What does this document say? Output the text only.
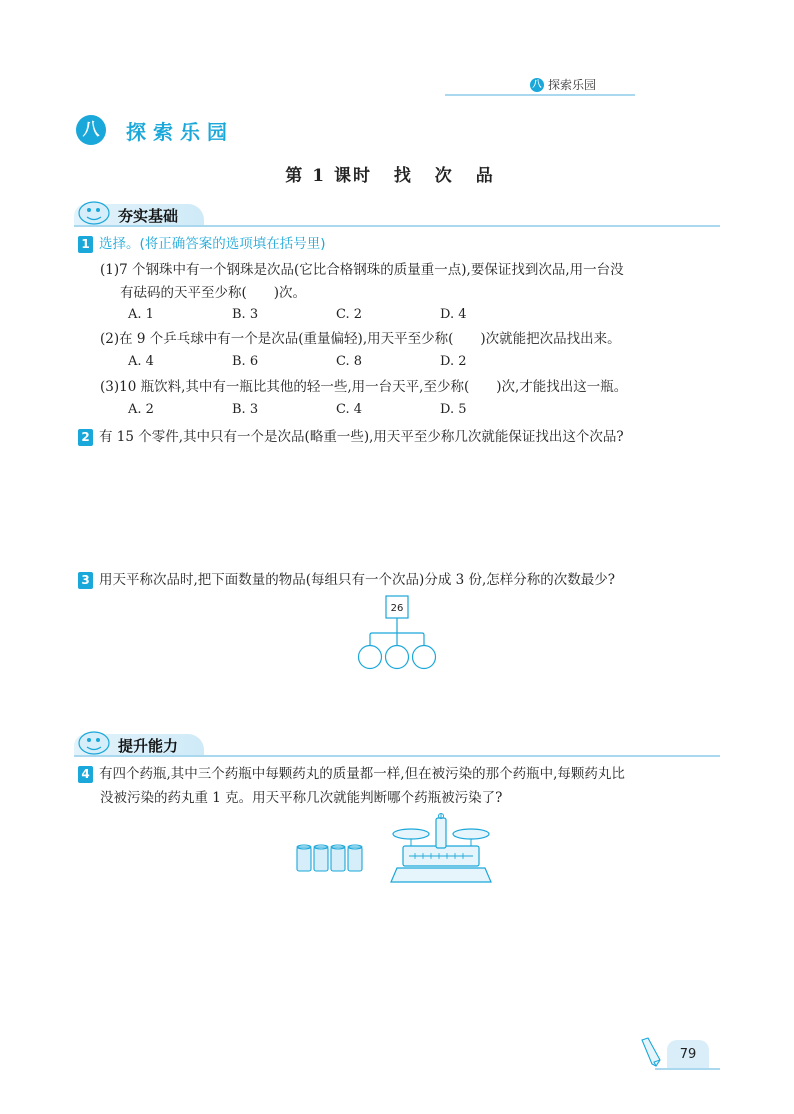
八 探索乐园
八	探索乐园
第 1 课时 找 次 品
夯实基础
1 选择。(将正确答案的选项填在括号里)
(1)7 个钢珠中有一个钢珠是次品(它比合格钢珠的质量重一点),要保证找到次品,用一台没
有砝码的天平至少称(　　)次。
A. 1	B. 3	C. 2	D. 4
(2)在 9 个乒乓球中有一个是次品(重量偏轻),用天平至少称(　　)次就能把次品找出来。
A. 4	B. 6	C. 8	D. 2
(3)10 瓶饮料,其中有一瓶比其他的轻一些,用一台天平,至少称(　　)次,才能找出这一瓶。
A. 2	B. 3	C. 4	D. 5
2 有 15 个零件,其中只有一个是次品(略重一些),用天平至少称几次就能保证找出这个次品?
3 用天平称次品时,把下面数量的物品(每组只有一个次品)分成 3 份,怎样分称的次数最少?
26
提升能力
4 有四个药瓶,其中三个药瓶中每颗药丸的质量都一样,但在被污染的那个药瓶中,每颗药丸比
没被污染的药丸重 1 克。用天平称几次就能判断哪个药瓶被污染了?
79
